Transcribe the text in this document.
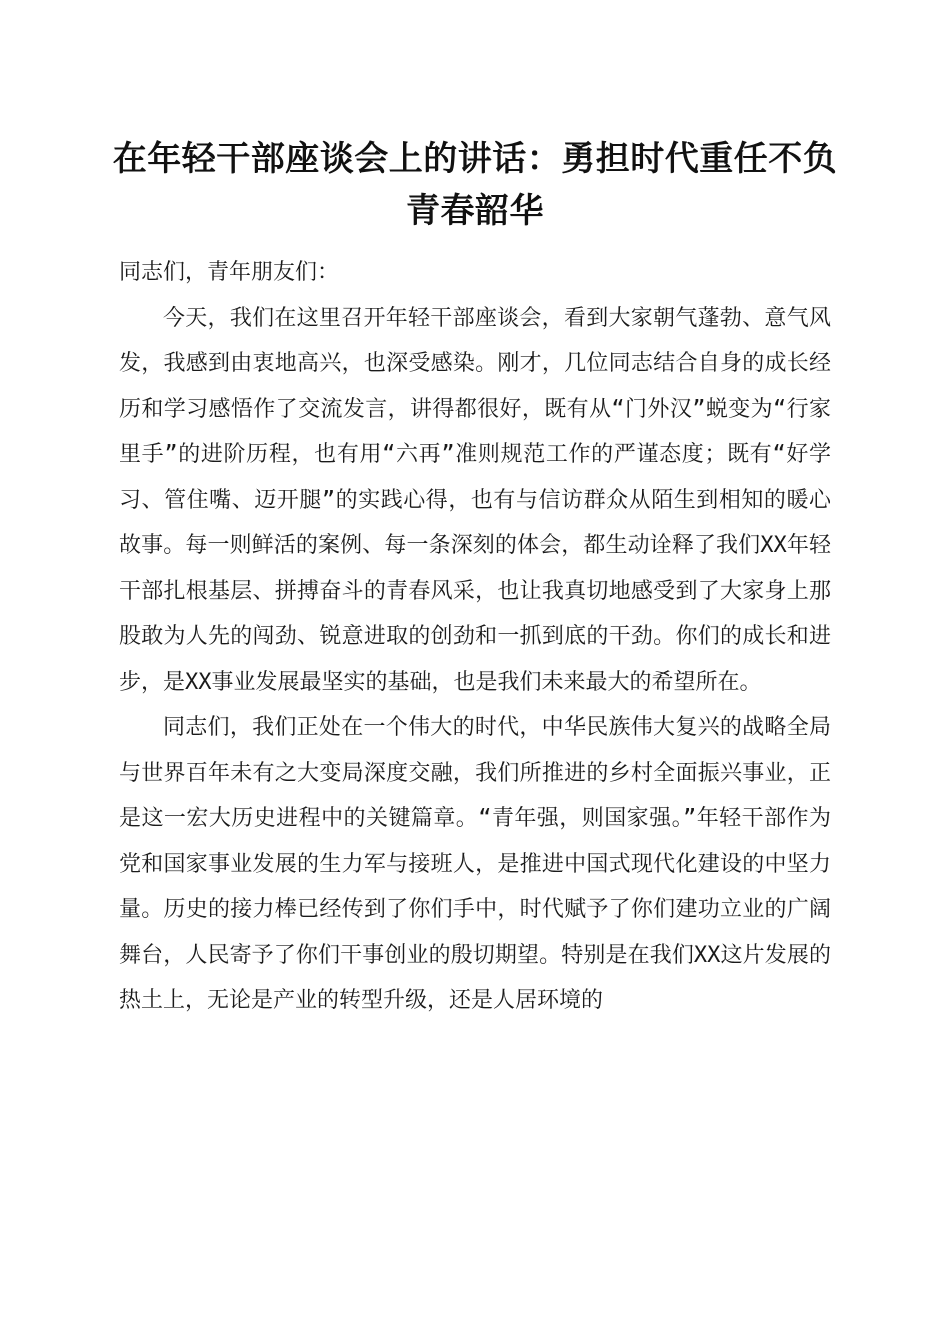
在年轻干部座谈会上的讲话：勇担时代重任不负青春韶华

同志们，青年朋友们：

今天，我们在这里召开年轻干部座谈会，看到大家朝气蓬勃、意气风发，我感到由衷地高兴，也深受感染。刚才，几位同志结合自身的成长经历和学习感悟作了交流发言，讲得都很好，既有从“门外汉”蜕变为“行家里手”的进阶历程，也有用“六再”准则规范工作的严谨态度；既有“好学习、管住嘴、迈开腿”的实践心得，也有与信访群众从陌生到相知的暖心故事。每一则鲜活的案例、每一条深刻的体会，都生动诠释了我们XX年轻干部扎根基层、拼搏奋斗的青春风采，也让我真切地感受到了大家身上那股敢为人先的闯劲、锐意进取的创劲和一抓到底的干劲。你们的成长和进步，是XX事业发展最坚实的基础，也是我们未来最大的希望所在。

同志们，我们正处在一个伟大的时代，中华民族伟大复兴的战略全局与世界百年未有之大变局深度交融，我们所推进的乡村全面振兴事业，正是这一宏大历史进程中的关键篇章。“青年强，则国家强。”年轻干部作为党和国家事业发展的生力军与接班人，是推进中国式现代化建设的中坚力量。历史的接力棒已经传到了你们手中，时代赋予了你们建功立业的广阔舞台，人民寄予了你们干事创业的殷切期望。特别是在我们XX这片发展的热土上，无论是产业的转型升级，还是人居环境的
